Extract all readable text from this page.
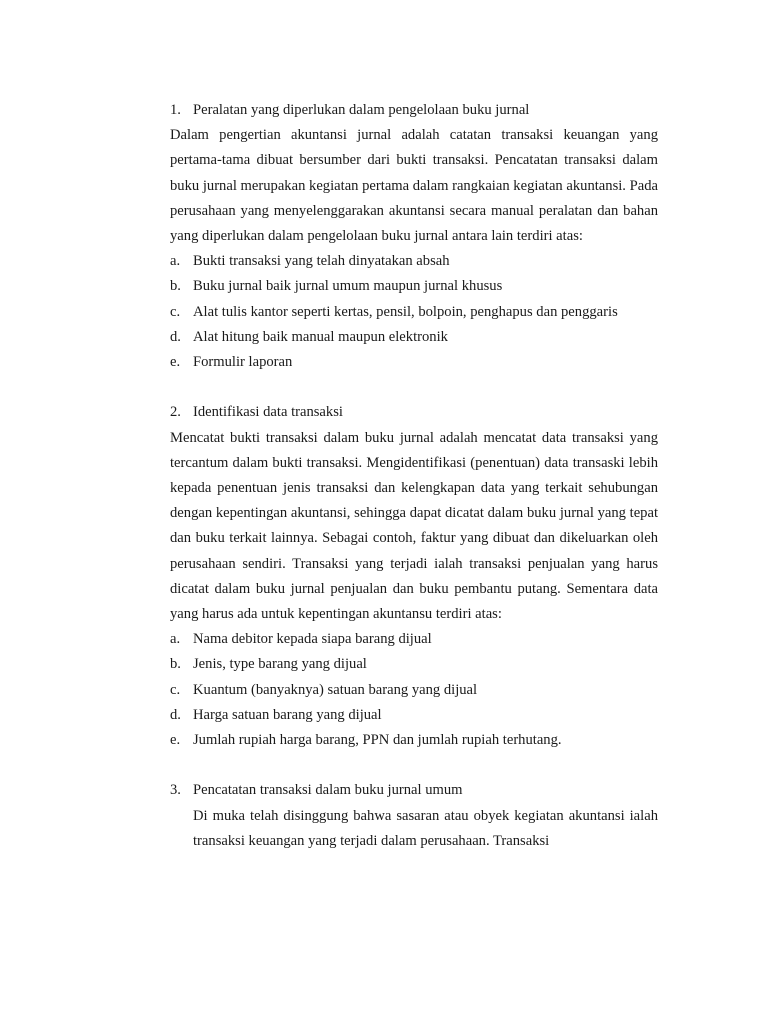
1. Peralatan yang diperlukan dalam pengelolaan buku jurnal

Dalam pengertian akuntansi jurnal adalah catatan transaksi keuangan yang pertama-tama dibuat bersumber dari bukti transaksi. Pencatatan transaksi dalam buku jurnal merupakan kegiatan pertama dalam rangkaian kegiatan akuntansi. Pada perusahaan yang menyelenggarakan akuntansi secara manual peralatan dan bahan yang diperlukan dalam pengelolaan buku jurnal antara lain terdiri atas:

a. Bukti transaksi yang telah dinyatakan absah
b. Buku jurnal baik jurnal umum maupun jurnal khusus
c. Alat tulis kantor seperti kertas, pensil, bolpoin, penghapus dan penggaris
d. Alat hitung baik manual maupun elektronik
e. Formulir laporan
2. Identifikasi data transaksi

Mencatat bukti transaksi dalam buku jurnal adalah mencatat data transaksi yang tercantum dalam bukti transaksi. Mengidentifikasi (penentuan) data transaski lebih kepada penentuan jenis transaksi dan kelengkapan data yang terkait sehubungan dengan kepentingan akuntansi, sehingga dapat dicatat dalam buku jurnal yang tepat dan buku terkait lainnya. Sebagai contoh, faktur yang dibuat dan dikeluarkan oleh perusahaan sendiri. Transaksi yang terjadi ialah transaksi penjualan yang harus dicatat dalam buku jurnal penjualan dan buku pembantu putang. Sementara data yang harus ada untuk kepentingan akuntansu terdiri atas:

a. Nama debitor kepada siapa barang dijual
b. Jenis, type barang yang dijual
c. Kuantum (banyaknya) satuan barang yang dijual
d. Harga satuan barang yang dijual
e. Jumlah rupiah harga barang, PPN dan jumlah rupiah terhutang.
3. Pencatatan transaksi dalam buku jurnal umum

Di muka telah disinggung bahwa sasaran atau obyek kegiatan akuntansi ialah transaksi keuangan yang terjadi dalam perusahaan. Transaksi
